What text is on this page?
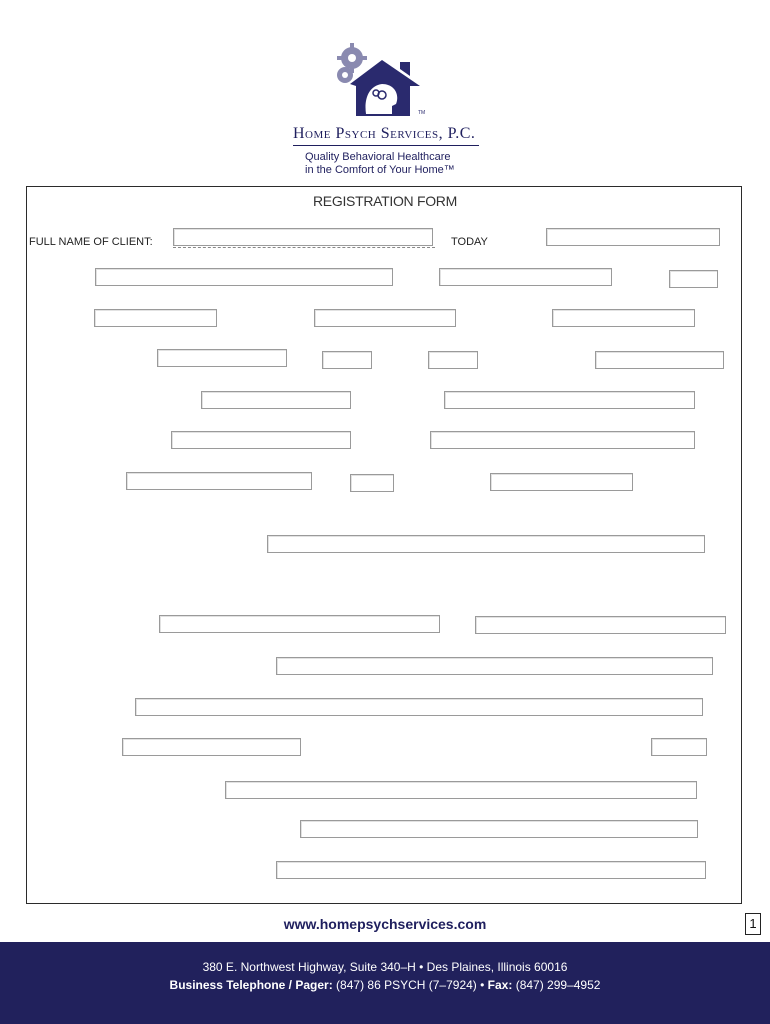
TM
Home Psych Services, P.C.
Quality Behavioral Healthcare
in the Comfort of Your Home™
REGISTRATION FORM
FULL NAME OF CLIENT:	TODAY
www.homepsychservices.com	1
380 E. Northwest Highway, Suite 340–H • Des Plaines, Illinois 60016
Business Telephone / Pager: (847) 86 PSYCH (7–7924) • Fax: (847) 299–4952
